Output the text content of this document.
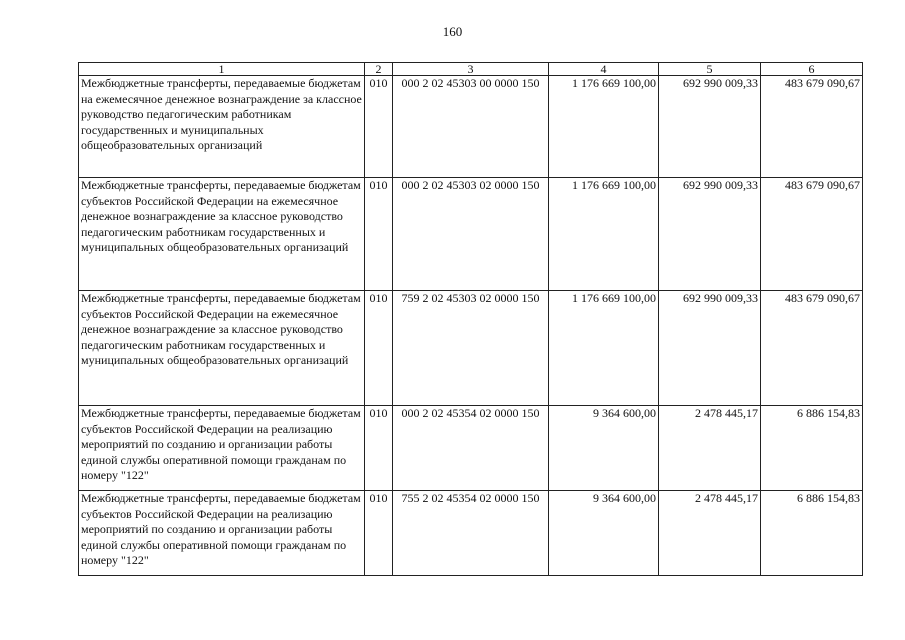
160
1	2	3	4	5	6
Межбюджетные трансферты, передаваемые бюджетам на ежемесячное денежное вознаграждение за классное руководство педагогическим работникам государственных и муниципальных общеобразовательных организаций	010	000 2 02 45303 00 0000 150	1 176 669 100,00	692 990 009,33	483 679 090,67
Межбюджетные трансферты, передаваемые бюджетам субъектов Российской Федерации на ежемесячное денежное вознаграждение за классное руководство педагогическим работникам государственных и муниципальных общеобразовательных организаций	010	000 2 02 45303 02 0000 150	1 176 669 100,00	692 990 009,33	483 679 090,67
Межбюджетные трансферты, передаваемые бюджетам субъектов Российской Федерации на ежемесячное денежное вознаграждение за классное руководство педагогическим работникам государственных и муниципальных общеобразовательных организаций	010	759 2 02 45303 02 0000 150	1 176 669 100,00	692 990 009,33	483 679 090,67
Межбюджетные трансферты, передаваемые бюджетам субъектов Российской Федерации на реализацию мероприятий по созданию и организации работы единой службы оперативной помощи гражданам по номеру "122"	010	000 2 02 45354 02 0000 150	9 364 600,00	2 478 445,17	6 886 154,83
Межбюджетные трансферты, передаваемые бюджетам субъектов Российской Федерации на реализацию мероприятий по созданию и организации работы единой службы оперативной помощи гражданам по номеру "122"	010	755 2 02 45354 02 0000 150	9 364 600,00	2 478 445,17	6 886 154,83
